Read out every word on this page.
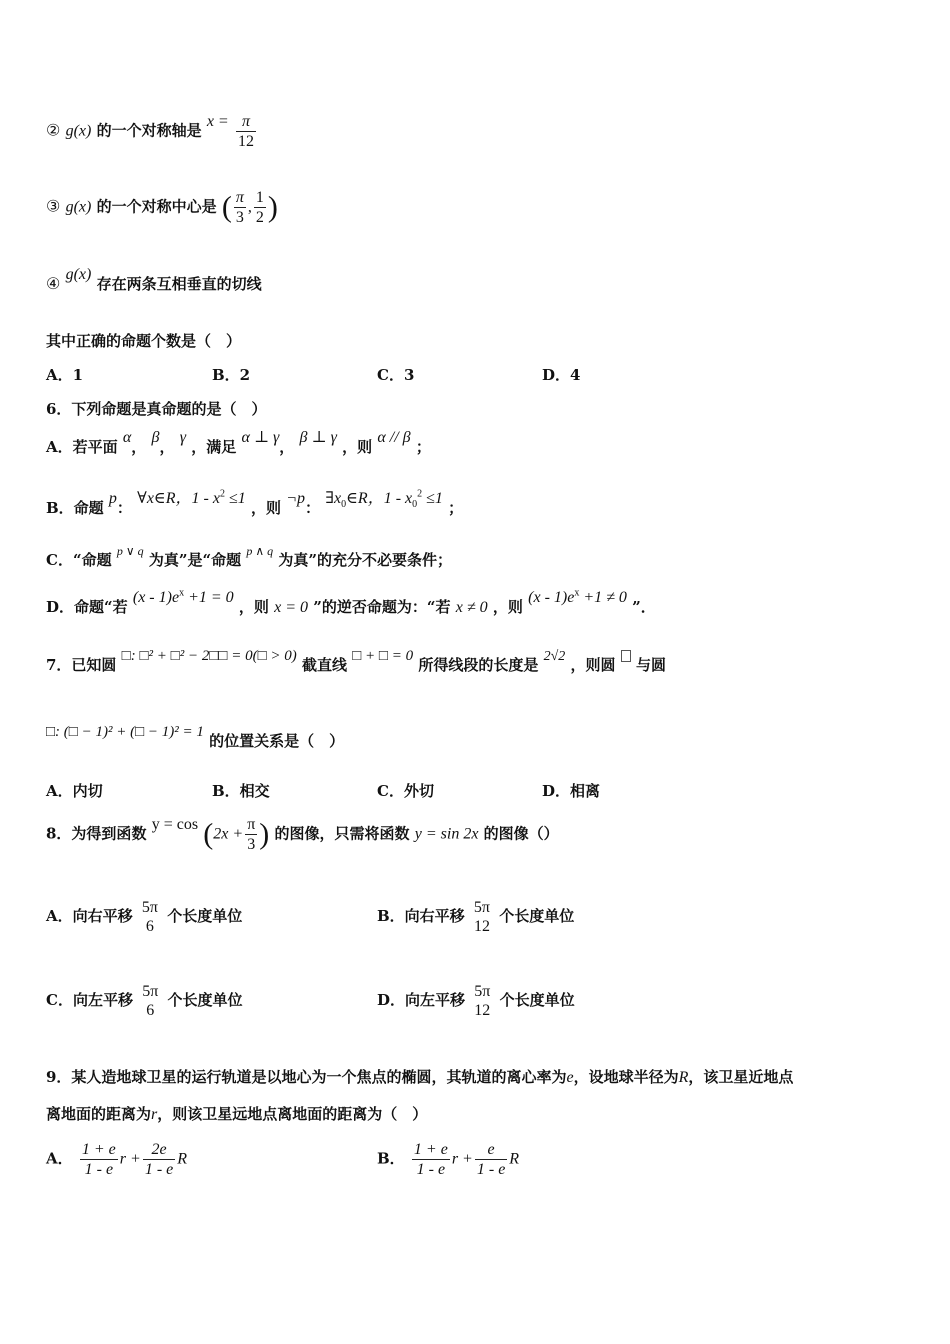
② g(x) 的一个对称轴是 $x = \frac{\pi}{12}$
③ g(x) 的一个对称中心是 ( $\frac{\pi}{3}$ , $\frac{1}{2}$ )
④ g(x) 存在两条互相垂直的切线
其中正确的命题个数是（　）
A．1	B．2	C．3	D．4
6．下列命题是真命题的是（　）
A．若平面 α， β， γ ，满足 α ⊥ γ， β ⊥ γ ，则 α // β ；
B．命题 p： ∀x∈R，$1 - x^2 \le 1$ ，则 ¬p： $\exists x_0\in R$，$1 - x_0^2 \le 1$ ；
C．“命题 $^{p \vee q}$ 为真”是“命题 $^{p \wedge q}$ 为真”的充分不必要条件；
D．命题“若 $(x - 1)e^x +1 = 0$ ，则 x = 0 ”的逆否命题为：“若 x ≠ 0 ，则 $(x - 1)e^x +1 \ne 0$ ”．
7．已知圆 □: □² + □² − 2□□ = 0(□ > 0) 截直线 □ + □ = 0 所得线段的长度是 2√2 ，则圆 与圆
□: (□ − 1)² + (□ − 1)² = 1 的位置关系是（　）
A．内切	B．相交	C．外切	D．相离
8．为得到函数 $y = \cos (2x + \frac{\pi}{3}$ ) 的图像，只需将函数 y = sin 2x 的图像（）
A．向右平移 5π
6
个长度单位	B．向右平移 5π
12
个长度单位
C．向左平移 5π
6
个长度单位	D．向左平移 5π
12
个长度单位
9．某人造地球卫星的运行轨道是以地心为一个焦点的椭圆，其轨道的离心率为e，设地球半径为R，该卫星近地点
离地面的距离为r，则该卫星远地点离地面的距离为（　）
A． $\frac{1 + e}{1 - e}$ $r + \frac{2e}{1 - e}$ R	B． $\frac{1 + e}{1 - e}$ $r + \frac{e}{1 - e}$ R
